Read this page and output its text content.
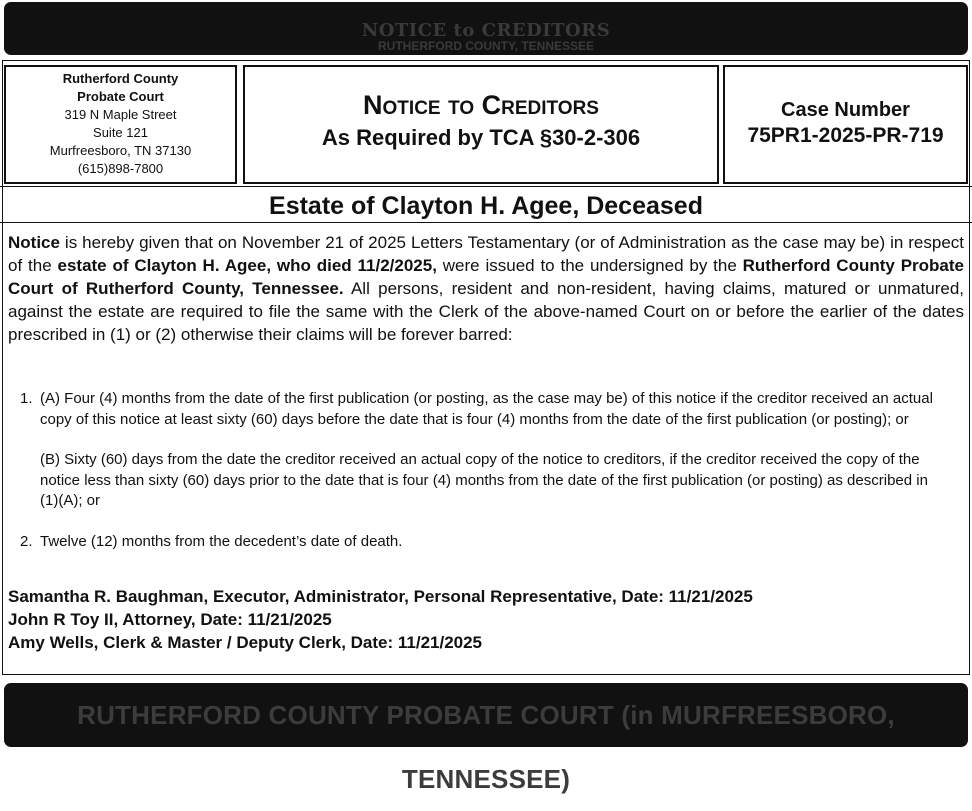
NOTICE to CREDITORS
RUTHERFORD COUNTY, TENNESSEE
Rutherford County
Probate Court
319 N Maple Street
Suite 121
Murfreesboro, TN 37130
(615)898-7800
Notice to Creditors
As Required by TCA §30-2-306
Case Number
75PR1-2025-PR-719
Estate of Clayton H. Agee, Deceased
Notice is hereby given that on November 21 of 2025 Letters Testamentary (or of Administration as the case may be) in respect of the estate of Clayton H. Agee, who died 11/2/2025, were issued to the undersigned by the Rutherford County Probate Court of Rutherford County, Tennessee. All persons, resident and non-resident, having claims, matured or unmatured, against the estate are required to file the same with the Clerk of the above-named Court on or before the earlier of the dates prescribed in (1) or (2) otherwise their claims will be forever barred:
1. (A) Four (4) months from the date of the first publication (or posting, as the case may be) of this notice if the creditor received an actual copy of this notice at least sixty (60) days before the date that is four (4) months from the date of the first publication (or posting); or
(B) Sixty (60) days from the date the creditor received an actual copy of the notice to creditors, if the creditor received the copy of the notice less than sixty (60) days prior to the date that is four (4) months from the date of the first publication (or posting) as described in (1)(A); or
2. Twelve (12) months from the decedent’s date of death.
Samantha R. Baughman, Executor, Administrator, Personal Representative, Date: 11/21/2025
John R Toy II, Attorney, Date: 11/21/2025
Amy Wells, Clerk & Master / Deputy Clerk, Date: 11/21/2025
RUTHERFORD COUNTY PROBATE COURT (in MURFREESBORO, TENNESSEE)
